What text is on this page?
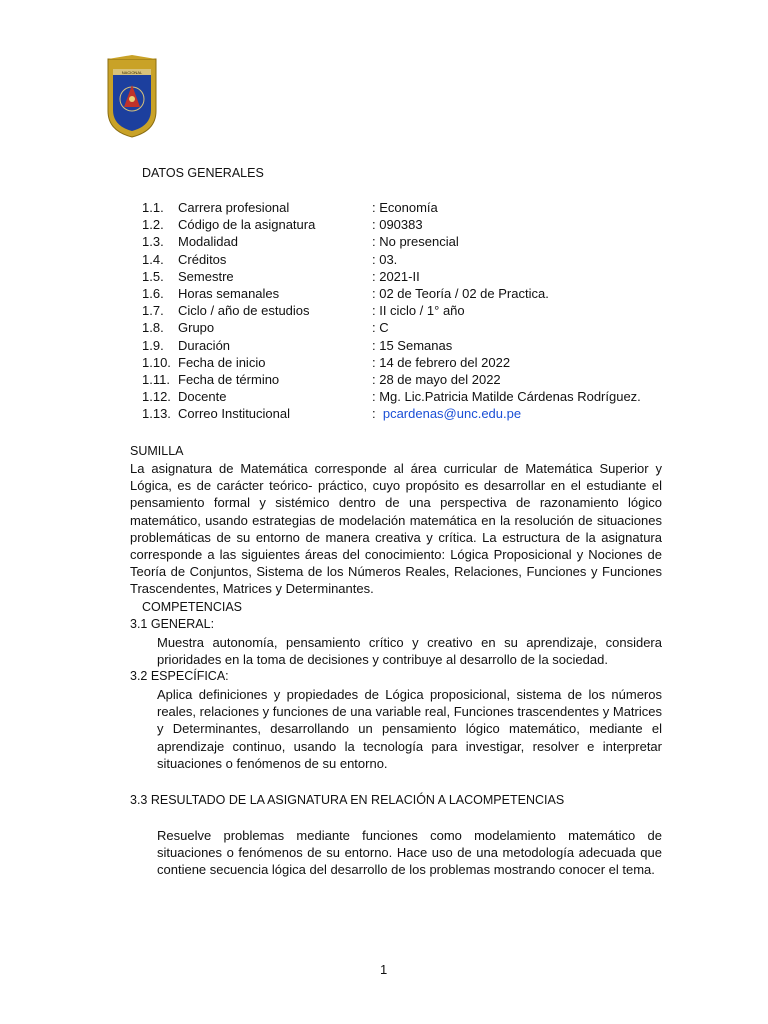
NACIONAL
DATOS GENERALES
1.1.	Carrera profesional	: Economía
1.2.	Código de la asignatura	: 090383
1.3.	Modalidad	: No presencial
1.4.	Créditos	: 03.
1.5.	Semestre	: 2021-II
1.6.	Horas semanales	: 02 de Teoría / 02 de Practica.
1.7.	Ciclo / año de estudios	: II ciclo / 1° año
1.8.	Grupo	: C
1.9.	Duración	: 15 Semanas
1.10.	Fecha de inicio	: 14 de febrero del 2022
1.11.	Fecha de término	: 28 de mayo del 2022
1.12.	Docente	: Mg. Lic.Patricia Matilde Cárdenas Rodríguez.
1.13.	Correo Institucional	:  pcardenas@unc.edu.pe
SUMILLA

La asignatura de Matemática corresponde al área curricular de Matemática Superior y Lógica, es de carácter teórico- práctico, cuyo propósito es desarrollar en el estudiante el pensamiento formal y sistémico dentro de una perspectiva de razonamiento lógico matemático, usando estrategias de modelación matemática en la resolución de situaciones problemáticas de su entorno de manera creativa y crítica. La estructura de la asignatura corresponde a las siguientes áreas del conocimiento: Lógica Proposicional y Nociones de Teoría de Conjuntos, Sistema de los Números Reales, Relaciones, Funciones y Funciones Trascendentes, Matrices y Determinantes.

COMPETENCIAS
3.1 GENERAL:

Muestra autonomía, pensamiento crítico y creativo en su aprendizaje, considera prioridades en la toma de decisiones y contribuye al desarrollo de la sociedad.

3.2 ESPECÍFICA:

Aplica definiciones y propiedades de Lógica proposicional, sistema de los números reales, relaciones y funciones de una variable real, Funciones trascendentes y Matrices y Determinantes, desarrollando un pensamiento lógico matemático, mediante el aprendizaje continuo, usando la tecnología para investigar, resolver e interpretar situaciones o fenómenos de su entorno.

3.3 RESULTADO DE LA ASIGNATURA EN RELACIÓN A LACOMPETENCIAS

Resuelve problemas mediante funciones como modelamiento matemático de situaciones o fenómenos de su entorno. Hace uso de una metodología adecuada que contiene secuencia lógica del desarrollo de los problemas mostrando conocer el tema.

1
